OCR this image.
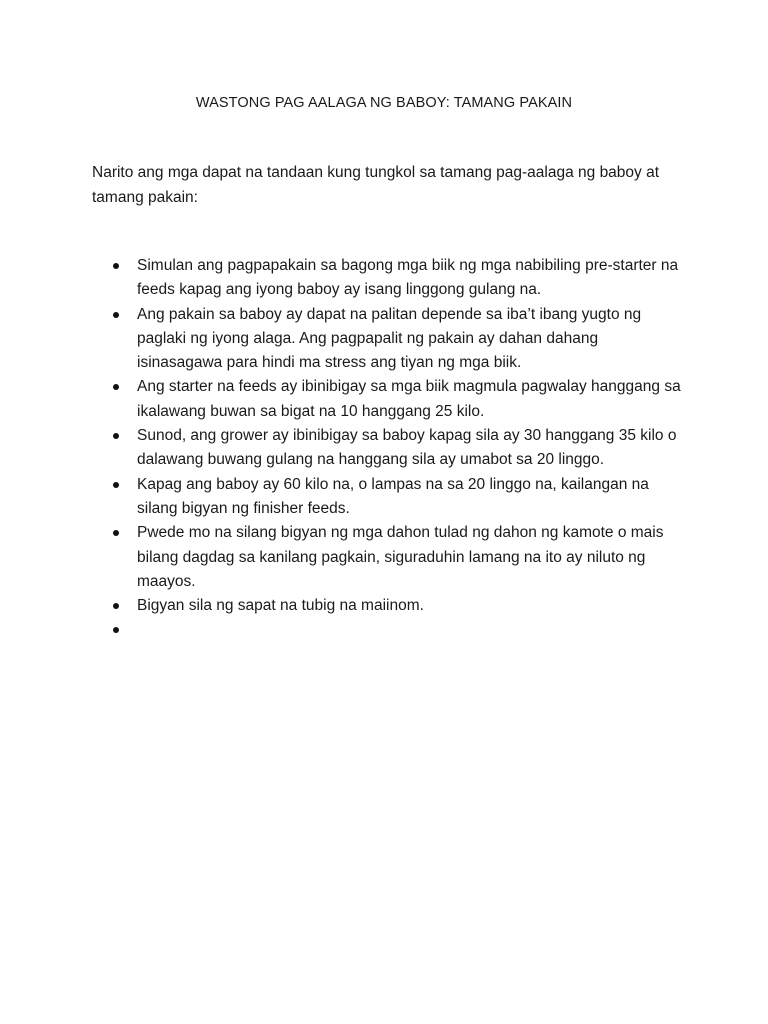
WASTONG PAG AALAGA NG BABOY: TAMANG PAKAIN
Narito ang mga dapat na tandaan kung tungkol sa tamang pag-aalaga ng baboy at tamang pakain:
Simulan ang pagpapakain sa bagong mga biik ng mga nabibiling pre-starter na feeds kapag ang iyong baboy ay isang linggong gulang na.
Ang pakain sa baboy ay dapat na palitan depende sa iba’t ibang yugto ng paglaki ng iyong alaga. Ang pagpapalit ng pakain ay dahan dahang isinasagawa para hindi ma stress ang tiyan ng mga biik.
Ang starter na feeds ay ibinibigay sa mga biik magmula pagwalay hanggang sa ikalawang buwan sa bigat na 10 hanggang 25 kilo.
Sunod, ang grower ay ibinibigay sa baboy kapag sila ay 30 hanggang 35 kilo o dalawang buwang gulang na hanggang sila ay umabot sa 20 linggo.
Kapag ang baboy ay 60 kilo na, o lampas na sa 20 linggo na, kailangan na silang bigyan ng finisher feeds.
Pwede mo na silang bigyan ng mga dahon tulad ng dahon ng kamote o mais bilang dagdag sa kanilang pagkain, siguraduhin lamang na ito ay niluto ng maayos.
Bigyan sila ng sapat na tubig na maiinom.
